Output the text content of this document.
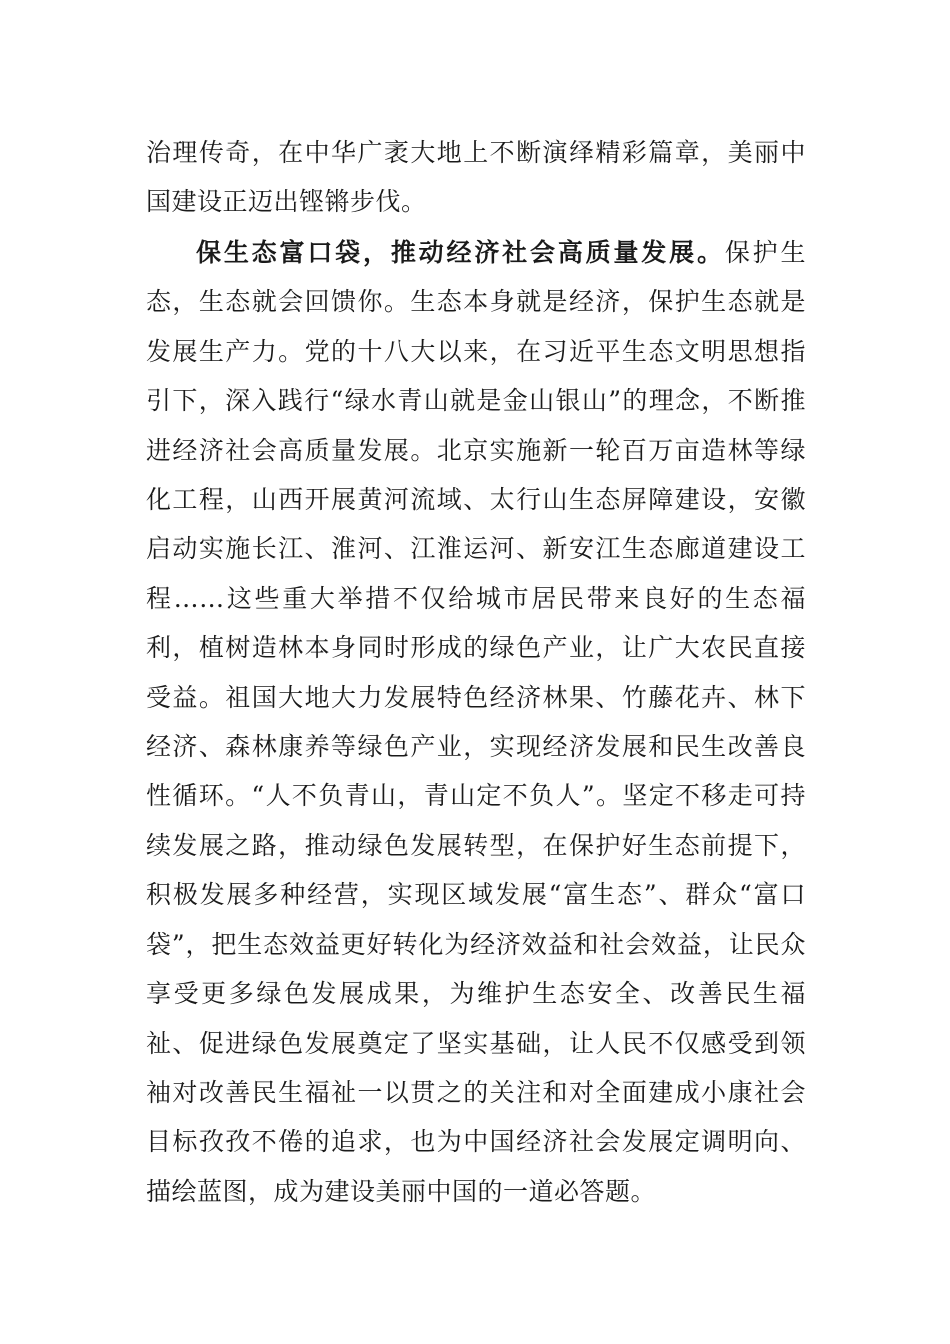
治理传奇，在中华广袤大地上不断演绎精彩篇章，美丽中国建设正迈出铿锵步伐。

保生态富口袋，推动经济社会高质量发展。保护生态，生态就会回馈你。生态本身就是经济，保护生态就是发展生产力。党的十八大以来，在习近平生态文明思想指引下，深入践行“绿水青山就是金山银山”的理念，不断推进经济社会高质量发展。北京实施新一轮百万亩造林等绿化工程，山西开展黄河流域、太行山生态屏障建设，安徽启动实施长江、淮河、江淮运河、新安江生态廊道建设工程……这些重大举措不仅给城市居民带来良好的生态福利，植树造林本身同时形成的绿色产业，让广大农民直接受益。祖国大地大力发展特色经济林果、竹藤花卉、林下经济、森林康养等绿色产业，实现经济发展和民生改善良性循环。“人不负青山，青山定不负人”。坚定不移走可持续发展之路，推动绿色发展转型，在保护好生态前提下，积极发展多种经营，实现区域发展“富生态”、群众“富口袋”，把生态效益更好转化为经济效益和社会效益，让民众享受更多绿色发展成果，为维护生态安全、改善民生福祉、促进绿色发展奠定了坚实基础，让人民不仅感受到领袖对改善民生福祉一以贯之的关注和对全面建成小康社会目标孜孜不倦的追求，也为中国经济社会发展定调明向、描绘蓝图，成为建设美丽中国的一道必答题。
